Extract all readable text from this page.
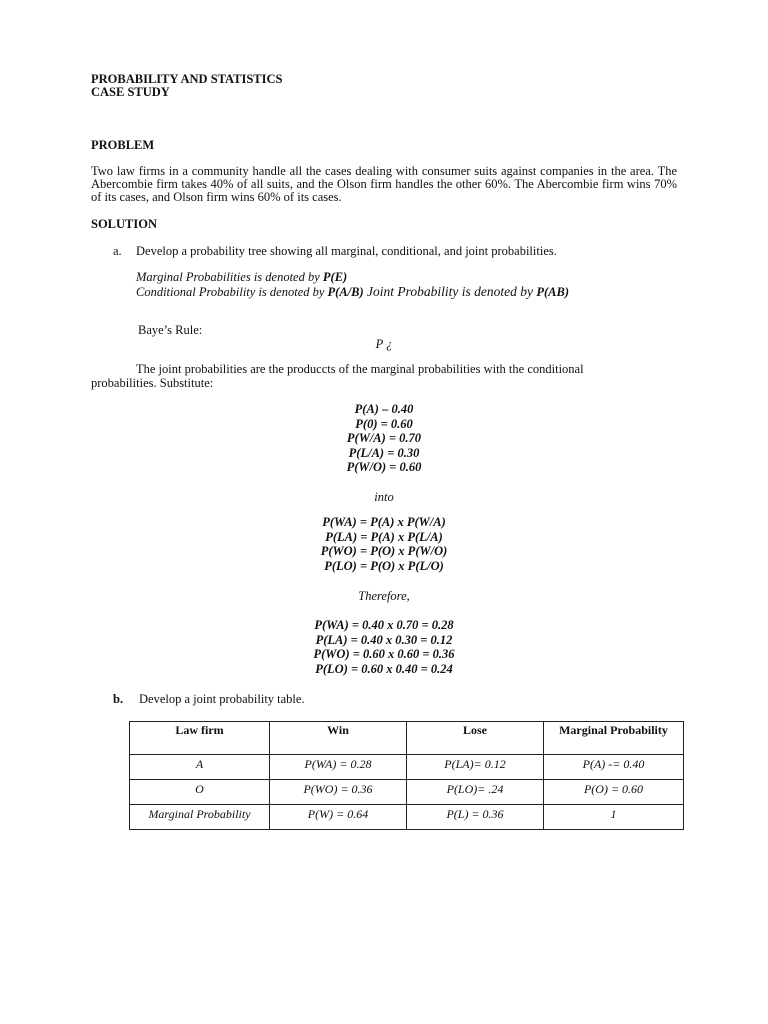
PROBABILITY AND STATISTICS
CASE STUDY
PROBLEM
Two law firms in a community handle all the cases dealing with consumer suits against companies in the area. The Abercombie firm takes 40% of all suits, and the Olson firm handles the other 60%. The Abercombie firm wins 70% of its cases, and Olson firm wins 60% of its cases.
SOLUTION
a. Develop a probability tree showing all marginal, conditional, and joint probabilities.
Marginal Probabilities is denoted by P(E)
Conditional Probability is denoted by P(A/B) Joint Probability is denoted by P(AB)
Baye’s Rule:
P ¿
The joint probabilities are the producсts of the marginal probabilities with the conditional
probabilities. Substitute:
P(A) – 0.40
P(0) = 0.60
P(W/A) = 0.70
P(L/A) = 0.30
P(W/O) = 0.60
into
P(WA) = P(A) x P(W/A)
P(LA) = P(A) x P(L/A)
P(WO) = P(O) x P(W/O)
P(LO) = P(O) x P(L/O)
Therefore,
P(WA) = 0.40 x 0.70 = 0.28
P(LA) = 0.40 x 0.30 = 0.12
P(WO) = 0.60 x 0.60 = 0.36
P(LO) = 0.60 x 0.40 = 0.24
b. Develop a joint probability table.
Law firm	Win	Lose	Marginal Probability
A	P(WA) = 0.28	P(LA)= 0.12	P(A) -= 0.40
O	P(WO) = 0.36	P(LO)= .24	P(O) = 0.60
Marginal Probability	P(W) = 0.64	P(L) = 0.36	1
